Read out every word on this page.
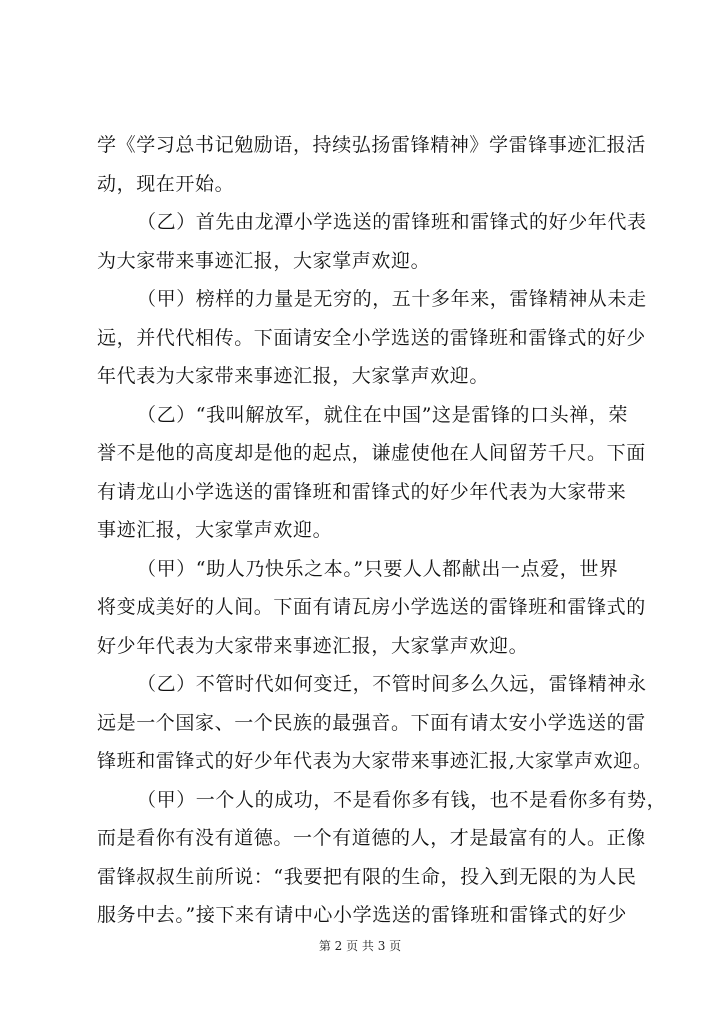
学《学习总书记勉励语，持续弘扬雷锋精神》学雷锋事迹汇报活
动，现在开始。
（乙）首先由龙潭小学选送的雷锋班和雷锋式的好少年代表
为大家带来事迹汇报，大家掌声欢迎。
（甲）榜样的力量是无穷的，五十多年来，雷锋精神从未走
远，并代代相传。下面请安全小学选送的雷锋班和雷锋式的好少
年代表为大家带来事迹汇报，大家掌声欢迎。
（乙）“我叫解放军，就住在中国”这是雷锋的口头禅，荣
誉不是他的高度却是他的起点，谦虚使他在人间留芳千尺。下面
有请龙山小学选送的雷锋班和雷锋式的好少年代表为大家带来
事迹汇报，大家掌声欢迎。
（甲）“助人乃快乐之本。”只要人人都献出一点爱，世界
将变成美好的人间。下面有请瓦房小学选送的雷锋班和雷锋式的
好少年代表为大家带来事迹汇报，大家掌声欢迎。
（乙）不管时代如何变迁，不管时间多么久远，雷锋精神永
远是一个国家、一个民族的最强音。下面有请太安小学选送的雷
锋班和雷锋式的好少年代表为大家带来事迹汇报,大家掌声欢迎。
（甲）一个人的成功，不是看你多有钱，也不是看你多有势，
而是看你有没有道德。一个有道德的人，才是最富有的人。正像
雷锋叔叔生前所说：“我要把有限的生命，投入到无限的为人民
服务中去。”接下来有请中心小学选送的雷锋班和雷锋式的好少
第 2 页 共 3 页
